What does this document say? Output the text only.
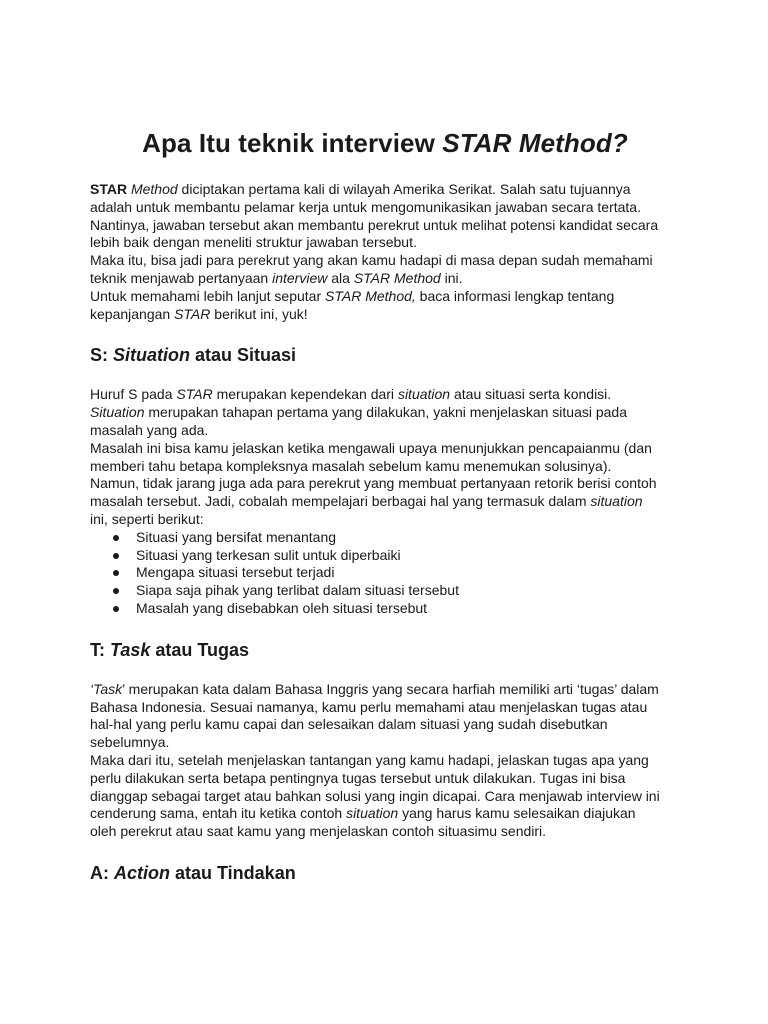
Apa Itu teknik interview STAR Method?

STAR Method diciptakan pertama kali di wilayah Amerika Serikat. Salah satu tujuannya adalah untuk membantu pelamar kerja untuk mengomunikasikan jawaban secara tertata. Nantinya, jawaban tersebut akan membantu perekrut untuk melihat potensi kandidat secara lebih baik dengan meneliti struktur jawaban tersebut.

Maka itu, bisa jadi para perekrut yang akan kamu hadapi di masa depan sudah memahami teknik menjawab pertanyaan interview ala STAR Method ini.

Untuk memahami lebih lanjut seputar STAR Method, baca informasi lengkap tentang kepanjangan STAR berikut ini, yuk!

S: Situation atau Situasi

Huruf S pada STAR merupakan kependekan dari situation atau situasi serta kondisi. Situation merupakan tahapan pertama yang dilakukan, yakni menjelaskan situasi pada masalah yang ada.

Masalah ini bisa kamu jelaskan ketika mengawali upaya menunjukkan pencapaianmu (dan memberi tahu betapa kompleksnya masalah sebelum kamu menemukan solusinya). Namun, tidak jarang juga ada para perekrut yang membuat pertanyaan retorik berisi contoh masalah tersebut. Jadi, cobalah mempelajari berbagai hal yang termasuk dalam situation ini, seperti berikut:

Situasi yang bersifat menantang
Situasi yang terkesan sulit untuk diperbaiki
Mengapa situasi tersebut terjadi
Siapa saja pihak yang terlibat dalam situasi tersebut
Masalah yang disebabkan oleh situasi tersebut
T: Task atau Tugas

‘Task’ merupakan kata dalam Bahasa Inggris yang secara harfiah memiliki arti ‘tugas’ dalam Bahasa Indonesia. Sesuai namanya, kamu perlu memahami atau menjelaskan tugas atau hal-hal yang perlu kamu capai dan selesaikan dalam situasi yang sudah disebutkan sebelumnya.

Maka dari itu, setelah menjelaskan tantangan yang kamu hadapi, jelaskan tugas apa yang perlu dilakukan serta betapa pentingnya tugas tersebut untuk dilakukan. Tugas ini bisa dianggap sebagai target atau bahkan solusi yang ingin dicapai. Cara menjawab interview ini cenderung sama, entah itu ketika contoh situation yang harus kamu selesaikan diajukan oleh perekrut atau saat kamu yang menjelaskan contoh situasimu sendiri.

A: Action atau Tindakan
